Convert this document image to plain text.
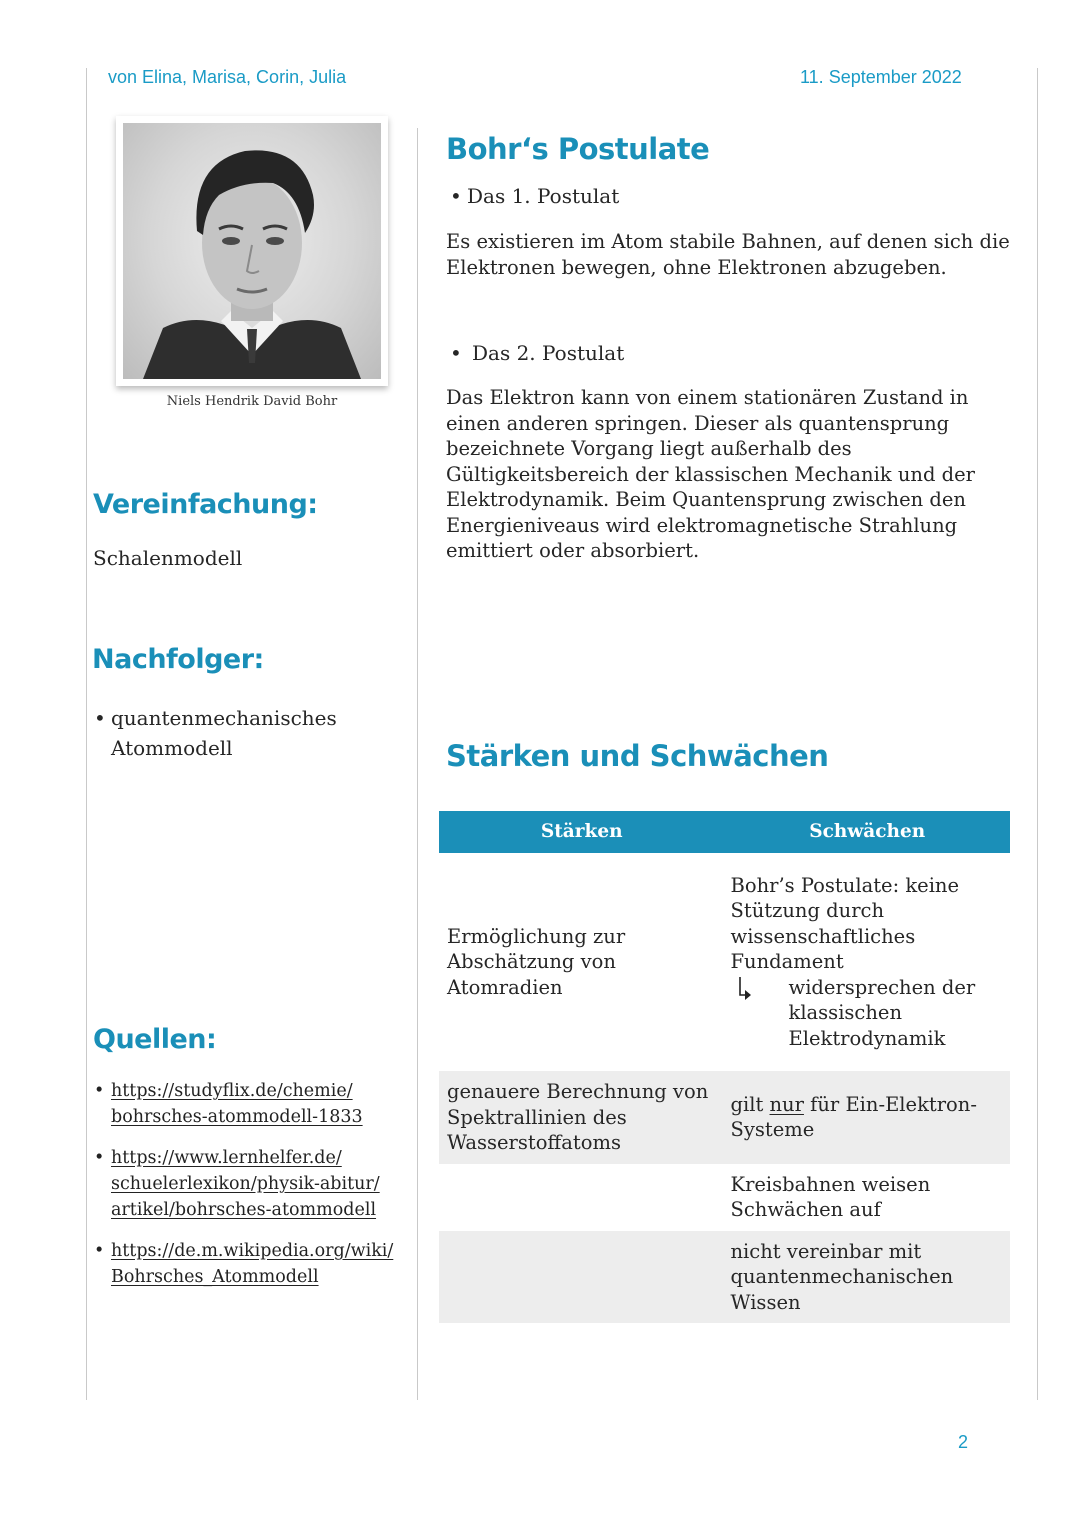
von Elina, Marisa, Corin, Julia	11. September 2022
Niels Hendrik David Bohr
Vereinfachung:
Schalenmodell
Nachfolger:
• quantenmechanisches Atommodell
Quellen:
• https://studyflix.de/chemie/
bohrsches-atommodell-1833
• https://www.lernhelfer.de/
schuelerlexikon/physik-abitur/
artikel/bohrsches-atommodell
• https://de.m.wikipedia.org/wiki/
Bohrsches_Atommodell
Bohr‘s Postulate
• Das 1. Postulat
Es existieren im Atom stabile Bahnen, auf denen sich die Elektronen bewegen, ohne Elektronen abzugeben.
• Das 2. Postulat
Das Elektron kann von einem stationären Zustand in einen anderen springen. Dieser als quantensprung bezeichnete Vorgang liegt außerhalb des Gültigkeitsbereich der klassischen Mechanik und der Elektrodynamik. Beim Quantensprung zwischen den Energieniveaus wird elektromagnetische Strahlung emittiert oder absorbiert.
Stärken und Schwächen
Stärken	Schwächen
Ermöglichung zur Abschätzung von Atomradien	Bohr’s Postulate: keine Stützung durch wissenschaftliches Fundament
widersprechen der klassischen Elektrodynamik

genauere Berechnung von Spektrallinien des Wasserstoffatoms	gilt nur für Ein-Elektron-Systeme
	Kreisbahnen weisen Schwächen auf
	nicht vereinbar mit quantenmechanischen Wissen
2
